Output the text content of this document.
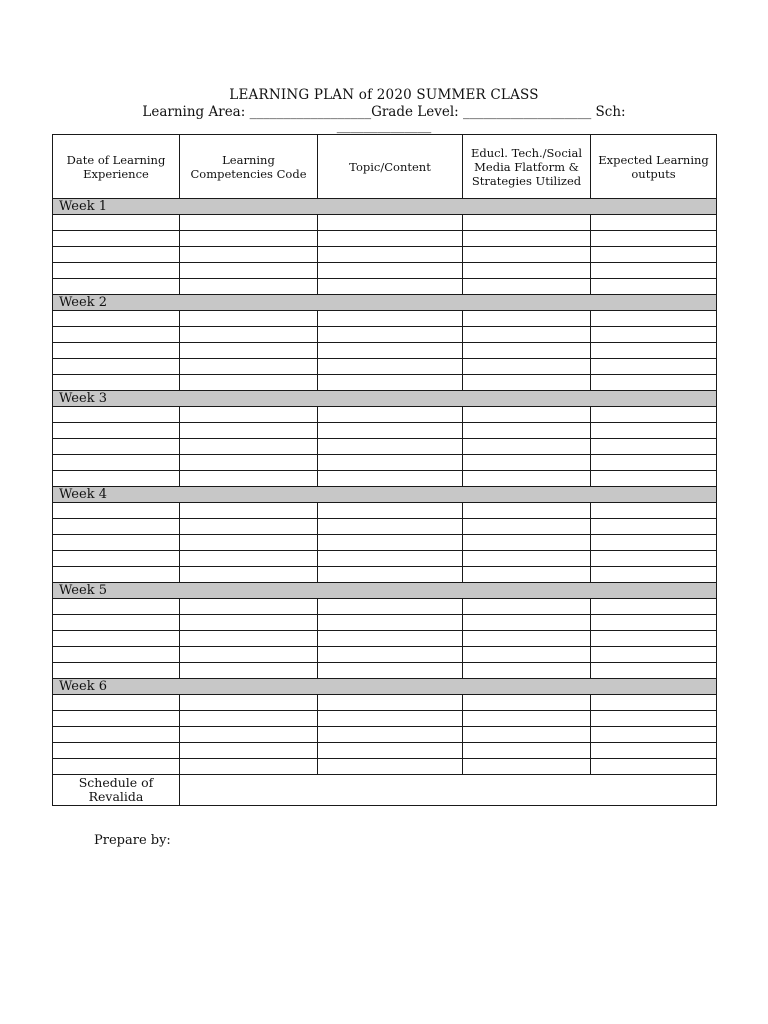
LEARNING PLAN of 2020 SUMMER CLASS
Learning Area: __________________Grade Level: ___________________ Sch:
______________
Date of Learning Experience	Learning Competencies Code	Topic/Content	Educl. Tech./Social Media Flatform & Strategies Utilized	Expected Learning outputs
Week 1				

Week 2				

Week 3				

Week 4				

Week 5				

Week 6				

Schedule of Revalida				
Prepare by:
